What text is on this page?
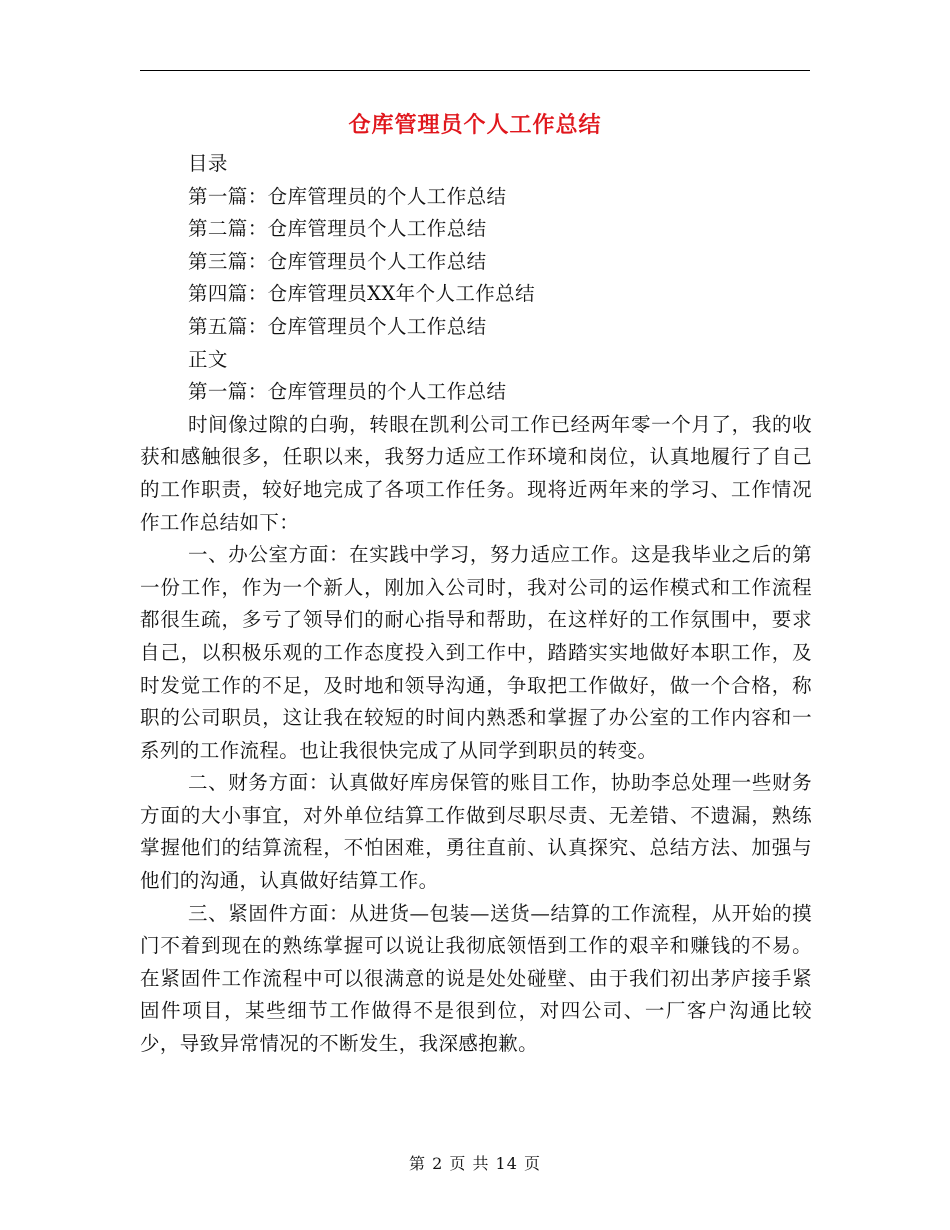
仓库管理员个人工作总结
目录
第一篇：仓库管理员的个人工作总结
第二篇：仓库管理员个人工作总结
第三篇：仓库管理员个人工作总结
第四篇：仓库管理员XX年个人工作总结
第五篇：仓库管理员个人工作总结
正文
第一篇：仓库管理员的个人工作总结
时间像过隙的白驹，转眼在凯利公司工作已经两年零一个月了，我的收获和感触很多，任职以来，我努力适应工作环境和岗位，认真地履行了自己的工作职责，较好地完成了各项工作任务。现将近两年来的学习、工作情况作工作总结如下：
一、办公室方面：在实践中学习，努力适应工作。这是我毕业之后的第一份工作，作为一个新人，刚加入公司时，我对公司的运作模式和工作流程都很生疏，多亏了领导们的耐心指导和帮助，在这样好的工作氛围中，要求自己，以积极乐观的工作态度投入到工作中，踏踏实实地做好本职工作，及时发觉工作的不足，及时地和领导沟通，争取把工作做好，做一个合格，称职的公司职员，这让我在较短的时间内熟悉和掌握了办公室的工作内容和一系列的工作流程。也让我很快完成了从同学到职员的转变。
二、财务方面：认真做好库房保管的账目工作，协助李总处理一些财务方面的大小事宜，对外单位结算工作做到尽职尽责、无差错、不遗漏，熟练掌握他们的结算流程，不怕困难，勇往直前、认真探究、总结方法、加强与他们的沟通，认真做好结算工作。
三、紧固件方面：从进货—包装—送货—结算的工作流程，从开始的摸门不着到现在的熟练掌握可以说让我彻底领悟到工作的艰辛和赚钱的不易。在紧固件工作流程中可以很满意的说是处处碰壁、由于我们初出茅庐接手紧固件项目，某些细节工作做得不是很到位，对四公司、一厂客户沟通比较少，导致异常情况的不断发生，我深感抱歉。
第 2 页 共 14 页
